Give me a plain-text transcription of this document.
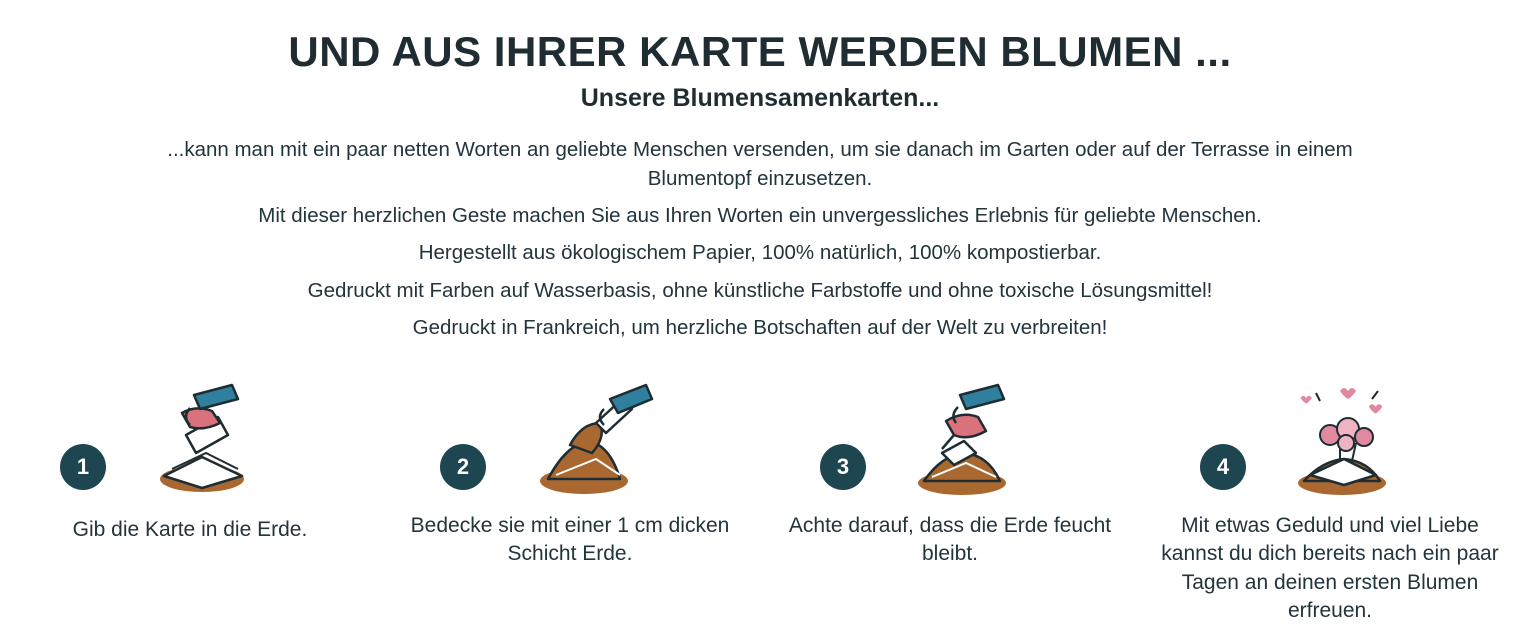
UND AUS IHRER KARTE WERDEN BLUMEN ...
Unsere Blumensamenkarten...

...kann man mit ein paar netten Worten an geliebte Menschen versenden, um sie danach im Garten oder auf der Terrasse in einem Blumentopf einzusetzen.

Mit dieser herzlichen Geste machen Sie aus Ihren Worten ein unvergessliches Erlebnis für geliebte Menschen.

Hergestellt aus ökologischem Papier, 100% natürlich, 100% kompostierbar.

Gedruckt mit Farben auf Wasserbasis, ohne künstliche Farbstoffe und ohne toxische Lösungsmittel!

Gedruckt in Frankreich, um herzliche Botschaften auf der Welt zu verbreiten!

1
Gib die Karte in die Erde.
2
Bedecke sie mit einer 1 cm dicken Schicht Erde.
3
Achte darauf, dass die Erde feucht bleibt.
4
Mit etwas Geduld und viel Liebe kannst du dich bereits nach ein paar Tagen an deinen ersten Blumen erfreuen.
